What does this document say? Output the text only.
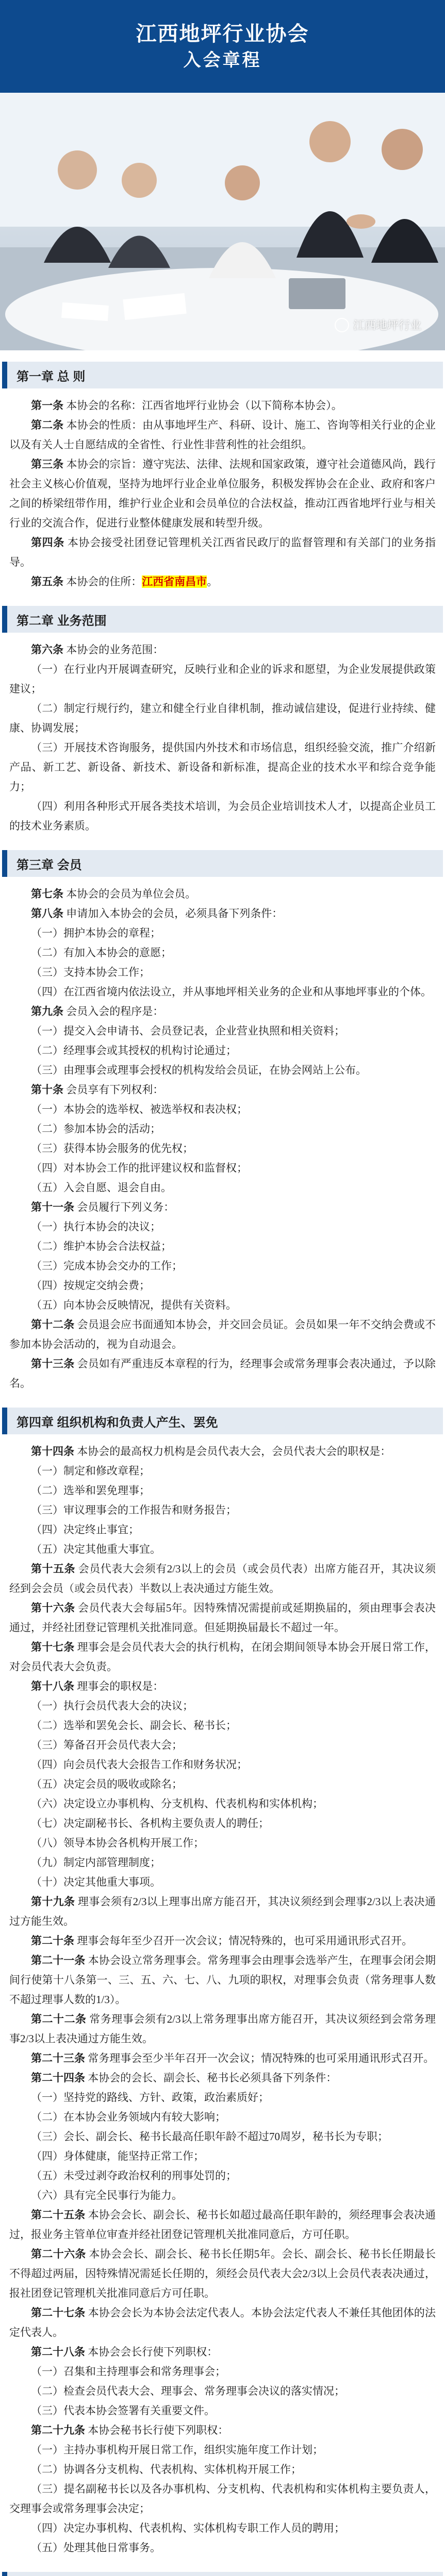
江西地坪行业协会
入会章程
江西地坪行业
第一章 总 则

第一条 本协会的名称：江西省地坪行业协会（以下简称本协会）。

第二条 本协会的性质：由从事地坪生产、科研、设计、施工、咨询等相关行业的企业以及有关人士自愿结成的全省性、行业性非营利性的社会组织。

第三条 本协会的宗旨：遵守宪法、法律、法规和国家政策，遵守社会道德风尚，践行社会主义核心价值观，坚持为地坪行业企业单位服务，积极发挥协会在企业、政府和客户之间的桥梁纽带作用，维护行业企业和会员单位的合法权益，推动江西省地坪行业与相关行业的交流合作，促进行业整体健康发展和转型升级。

第四条 本协会接受社团登记管理机关江西省民政厅的监督管理和有关部门的业务指导。

第五条 本协会的住所：江西省南昌市。

第二章 业务范围

第六条 本协会的业务范围：

（一）在行业内开展调查研究，反映行业和企业的诉求和愿望，为企业发展提供政策建议；

（二）制定行规行约，建立和健全行业自律机制，推动诚信建设，促进行业持续、健康、协调发展；

（三）开展技术咨询服务，提供国内外技术和市场信息，组织经验交流，推广介绍新产品、新工艺、新设备、新技术、新设备和新标准，提高企业的技术水平和综合竞争能力；

（四）利用各种形式开展各类技术培训，为会员企业培训技术人才，以提高企业员工的技术业务素质。

第三章 会员

第七条 本协会的会员为单位会员。

第八条 申请加入本协会的会员，必须具备下列条件：

（一）拥护本协会的章程；

（二）有加入本协会的意愿；

（三）支持本协会工作；

（四）在江西省境内依法设立，并从事地坪相关业务的企业和从事地坪事业的个体。

第九条 会员入会的程序是：

（一）提交入会申请书、会员登记表，企业营业执照和相关资料；

（二）经理事会或其授权的机构讨论通过；

（三）由理事会或理事会授权的机构发给会员证，在协会网站上公布。

第十条 会员享有下列权利：

（一）本协会的选举权、被选举权和表决权；

（二）参加本协会的活动；

（三）获得本协会服务的优先权；

（四）对本协会工作的批评建议权和监督权；

（五）入会自愿、退会自由。

第十一条 会员履行下列义务：

（一）执行本协会的决议；

（二）维护本协会合法权益；

（三）完成本协会交办的工作；

（四）按规定交纳会费；

（五）向本协会反映情况，提供有关资料。

第十二条 会员退会应书面通知本协会，并交回会员证。会员如果一年不交纳会费或不参加本协会活动的，视为自动退会。

第十三条 会员如有严重违反本章程的行为，经理事会或常务理事会表决通过，予以除名。

第四章 组织机构和负责人产生、罢免

第十四条 本协会的最高权力机构是会员代表大会，会员代表大会的职权是：

（一）制定和修改章程；

（二）选举和罢免理事；

（三）审议理事会的工作报告和财务报告；

（四）决定终止事宜；

（五）决定其他重大事宜。

第十五条 会员代表大会须有2/3以上的会员（或会员代表）出席方能召开，其决议须经到会会员（或会员代表）半数以上表决通过方能生效。

第十六条 会员代表大会每届5年。因特殊情况需提前或延期换届的，须由理事会表决通过，并经社团登记管理机关批准同意。但延期换届最长不超过一年。

第十七条 理事会是会员代表大会的执行机构，在闭会期间领导本协会开展日常工作，对会员代表大会负责。

第十八条 理事会的职权是：

（一）执行会员代表大会的决议；

（二）选举和罢免会长、副会长、秘书长；

（三）筹备召开会员代表大会；

（四）向会员代表大会报告工作和财务状况；

（五）决定会员的吸收或除名；

（六）决定设立办事机构、分支机构、代表机构和实体机构；

（七）决定副秘书长、各机构主要负责人的聘任；

（八）领导本协会各机构开展工作；

（九）制定内部管理制度；

（十）决定其他重大事项。

第十九条 理事会须有2/3以上理事出席方能召开，其决议须经到会理事2/3以上表决通过方能生效。

第二十条 理事会每年至少召开一次会议；情况特殊的，也可采用通讯形式召开。

第二十一条 本协会设立常务理事会。常务理事会由理事会选举产生，在理事会闭会期间行使第十八条第一、三、五、六、七、八、九项的职权，对理事会负责（常务理事人数不超过理事人数的1/3）。

第二十二条 常务理事会须有2/3以上常务理事出席方能召开，其决议须经到会常务理事2/3以上表决通过方能生效。

第二十三条 常务理事会至少半年召开一次会议；情况特殊的也可采用通讯形式召开。

第二十四条 本协会的会长、副会长、秘书长必须具备下列条件：

（一）坚持党的路线、方针、政策，政治素质好；

（二）在本协会业务领域内有较大影响；

（三）会长、副会长、秘书长最高任职年龄不超过70周岁，秘书长为专职；

（四）身体健康，能坚持正常工作；

（五）未受过剥夺政治权利的刑事处罚的；

（六）具有完全民事行为能力。

第二十五条 本协会会长、副会长、秘书长如超过最高任职年龄的，须经理事会表决通过，报业务主管单位审查并经社团登记管理机关批准同意后，方可任职。

第二十六条 本协会会长、副会长、秘书长任期5年。会长、副会长、秘书长任期最长不得超过两届，因特殊情况需延长任期的，须经会员代表大会2/3以上会员代表表决通过，报社团登记管理机关批准同意后方可任职。

第二十七条 本协会会长为本协会法定代表人。本协会法定代表人不兼任其他团体的法定代表人。

第二十八条 本协会会长行使下列职权：

（一）召集和主持理事会和常务理事会；

（二）检查会员代表大会、理事会、常务理事会决议的落实情况；

（三）代表本协会签署有关重要文件。

第二十九条 本协会秘书长行使下列职权：

（一）主持办事机构开展日常工作，组织实施年度工作计划；

（二）协调各分支机构、代表机构、实体机构开展工作；

（三）提名副秘书长以及各办事机构、分支机构、代表机构和实体机构主要负责人，交理事会或常务理事会决定；

（四）决定办事机构、代表机构、实体机构专职工作人员的聘用；

（五）处理其他日常事务。
